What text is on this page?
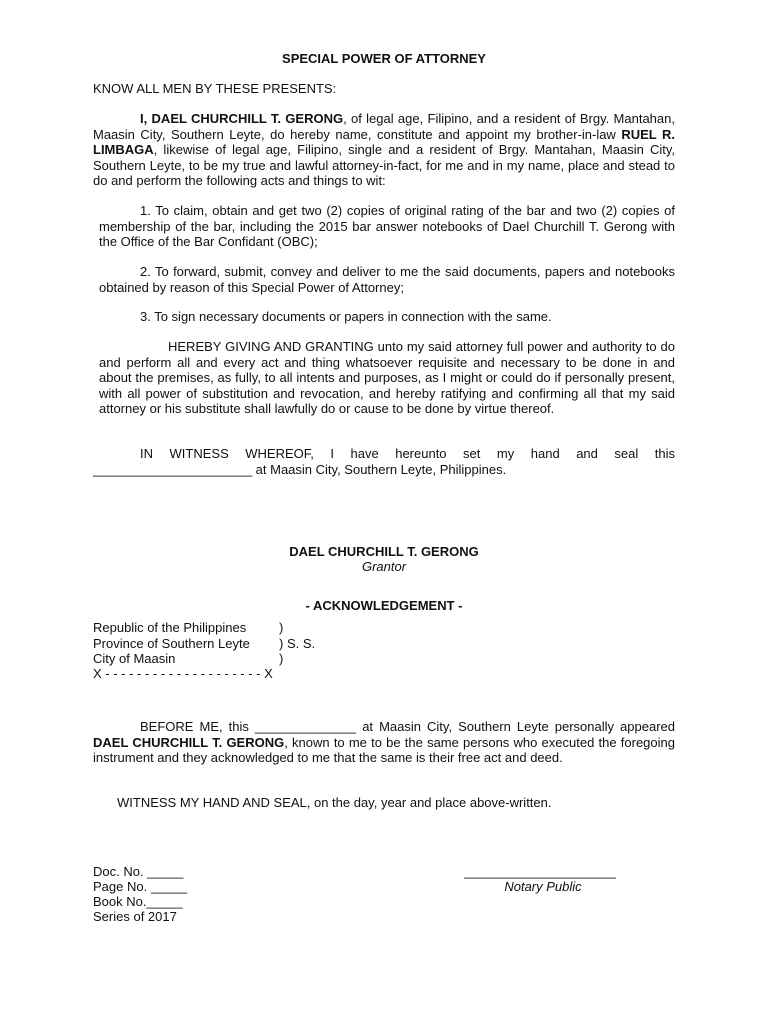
SPECIAL POWER OF ATTORNEY
KNOW ALL MEN BY THESE PRESENTS:
I, DAEL CHURCHILL T. GERONG, of legal age, Filipino, and a resident of Brgy. Mantahan, Maasin City, Southern Leyte, do hereby name, constitute and appoint my brother-in-law RUEL R. LIMBAGA, likewise of legal age, Filipino, single and a resident of Brgy. Mantahan, Maasin City, Southern Leyte, to be my true and lawful attorney-in-fact, for me and in my name, place and stead to do and perform the following acts and things to wit:
1. To claim, obtain and get two (2) copies of original rating of the bar and two (2) copies of membership of the bar, including the 2015 bar answer notebooks of Dael Churchill T. Gerong with the Office of the Bar Confidant (OBC);
2. To forward, submit, convey and deliver to me the said documents, papers and notebooks obtained by reason of this Special Power of Attorney;
3. To sign necessary documents or papers in connection with the same.
HEREBY GIVING AND GRANTING unto my said attorney full power and authority to do and perform all and every act and thing whatsoever requisite and necessary to be done in and about the premises, as fully, to all intents and purposes, as I might or could do if personally present, with all power of substitution and revocation, and hereby ratifying and confirming all that my said attorney or his substitute shall lawfully do or cause to be done by virtue thereof.
IN WITNESS WHEREOF, I have hereunto set my hand and seal this
______________________ at Maasin City, Southern Leyte, Philippines.
DAEL CHURCHILL T. GERONG
Grantor
- ACKNOWLEDGEMENT -
Republic of the Philippines	)
Province of Southern Leyte ) S. S.
City of Maasin	)
X - - - - - - - - - - - - - - - - - - - - X
BEFORE ME, this ______________ at Maasin City, Southern Leyte personally appeared DAEL CHURCHILL T. GERONG, known to me to be the same persons who executed the foregoing instrument and they acknowledged to me that the same is their free act and deed.
WITNESS MY HAND AND SEAL, on the day, year and place above-written.
Doc. No. _____
Page No. _____
Book No._____
Series of 2017
_____________________
Notary Public
